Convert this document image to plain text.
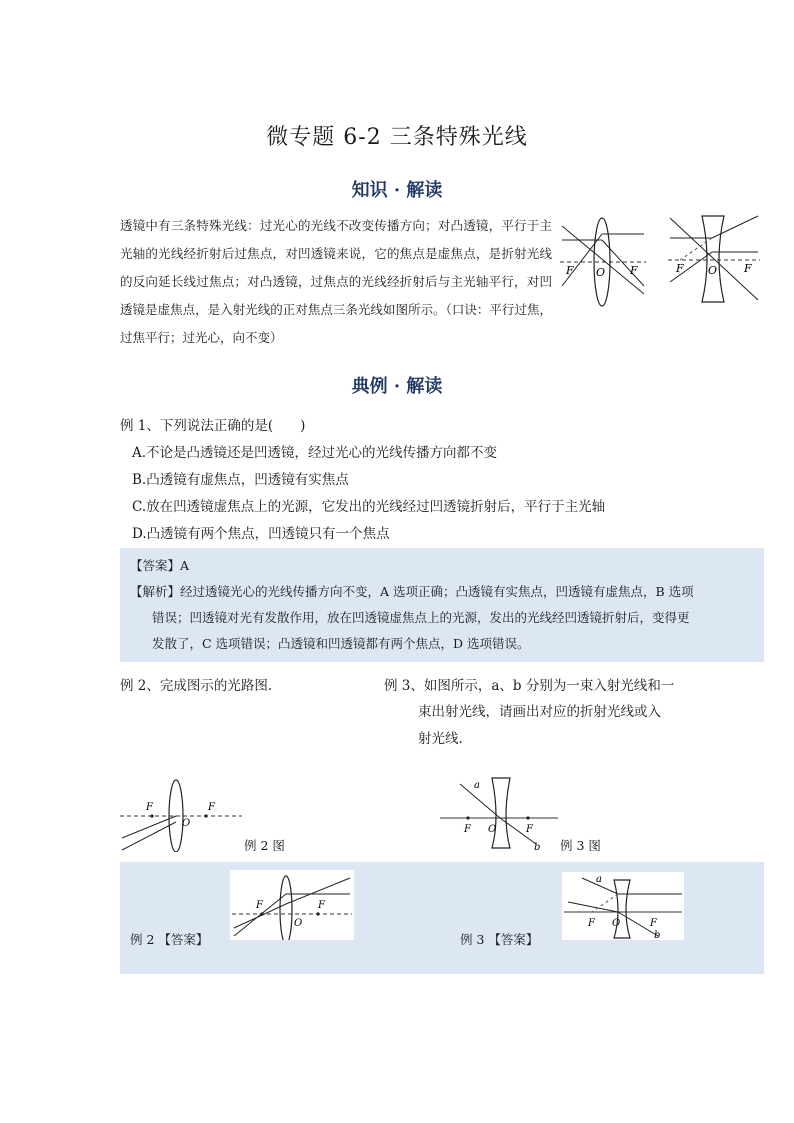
微专题 6-2 三条特殊光线
知识 · 解读
透镜中有三条特殊光线：过光心的光线不改变传播方向；对凸透镜，平行于主光轴的光线经折射后过焦点，对凹透镜来说，它的焦点是虚焦点，是折射光线的反向延长线过焦点；对凸透镜，过焦点的光线经折射后与主光轴平行，对凹透镜是虚焦点，是入射光线的正对焦点三条光线如图所示。（口诀：平行过焦，过焦平行；过光心，向不变）
F O F	F O F
典例 · 解读
例 1、下列说法正确的是(　　)
A.不论是凸透镜还是凹透镜，经过光心的光线传播方向都不变
B.凸透镜有虚焦点，凹透镜有实焦点
C.放在凹透镜虚焦点上的光源，它发出的光线经过凹透镜折射后，平行于主光轴
D.凸透镜有两个焦点，凹透镜只有一个焦点
【答案】A
【解析】经过透镜光心的光线传播方向不变，A 选项正确；凸透镜有实焦点，凹透镜有虚焦点，B 选项
错误；凹透镜对光有发散作用，放在凹透镜虚焦点上的光源，发出的光线经凹透镜折射后，变得更
发散了，C 选项错误；凸透镜和凹透镜都有两个焦点，D 选项错误。
例 2、完成图示的光路图.	例 3、如图所示，a、b 分别为一束入射光线和一
束出射光线，请画出对应的折射光线或入
射光线.
F
O
F
例 2 图
a
F O	F
b 例 3 图
例 2 【答案】
F
O
F
例 3 【答案】
a
F O	F
b
